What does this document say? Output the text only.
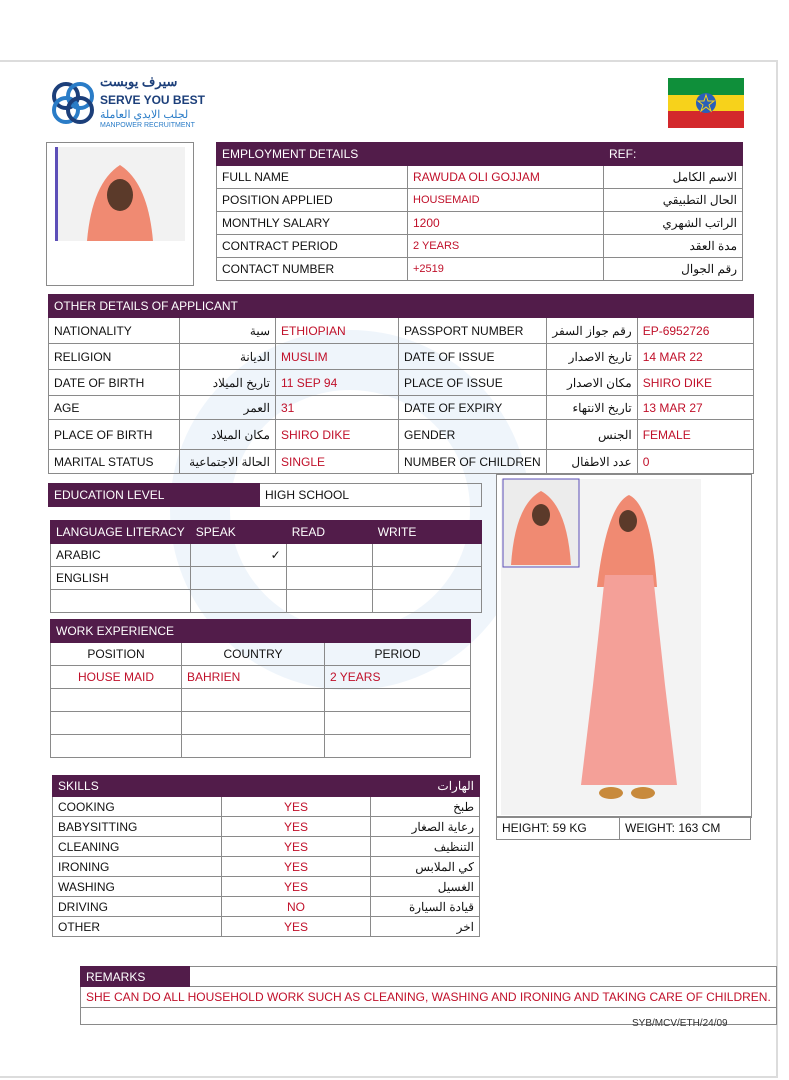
سيرف يوبست
SERVE YOU BEST
لجلب الايدي العاملة
MANPOWER RECRUITMENT
EMPLOYMENT DETAILS		REF:
FULL NAME	RAWUDA OLI GOJJAM	الاسم الكامل
POSITION APPLIED	HOUSEMAID	الحال التطبيقي
MONTHLY SALARY	1200	الراتب الشهري
CONTRACT PERIOD	2 YEARS	مدة العقد
CONTACT NUMBER	+2519	رقم الجوال
OTHER DETAILS OF APPLICANT					
NATIONALITY	سية	ETHIOPIAN	PASSPORT NUMBER	رقم جواز السفر	EP-6952726
RELIGION	الديانة	MUSLIM	DATE OF ISSUE	تاريخ الاصدار	14 MAR 22
DATE OF BIRTH	تاريخ الميلاد	11 SEP 94	PLACE OF ISSUE	مكان الاصدار	SHIRO DIKE
AGE	العمر	31	DATE OF EXPIRY	تاريخ الانتهاء	13 MAR 27
PLACE OF BIRTH	مكان الميلاد	SHIRO DIKE	GENDER	الجنس	FEMALE
MARITAL STATUS	الحالة الاجتماعية	SINGLE	NUMBER OF CHILDREN	عدد الاطفال	0
EDUCATION LEVEL	HIGH SCHOOL
LANGUAGE LITERACY	SPEAK	READ	WRITE
ARABIC	✓		
ENGLISH			

WORK EXPERIENCE		
POSITION	COUNTRY	PERIOD
HOUSE MAID	BAHRIEN	2 YEARS

SKILLS		الهارات
COOKING	YES	طبخ
BABYSITTING	YES	رعاية الصغار
CLEANING	YES	التنظيف
IRONING	YES	كي الملابس
WASHING	YES	الغسيل
DRIVING	NO	قيادة السيارة
OTHER	YES	اخر
HEIGHT: 59 KG	WEIGHT: 163 CM
REMARKS	
SHE CAN DO ALL HOUSEHOLD WORK SUCH AS CLEANING, WASHING AND IRONING AND TAKING CARE OF CHILDREN.

SYB/MCV/ETH/24/09
